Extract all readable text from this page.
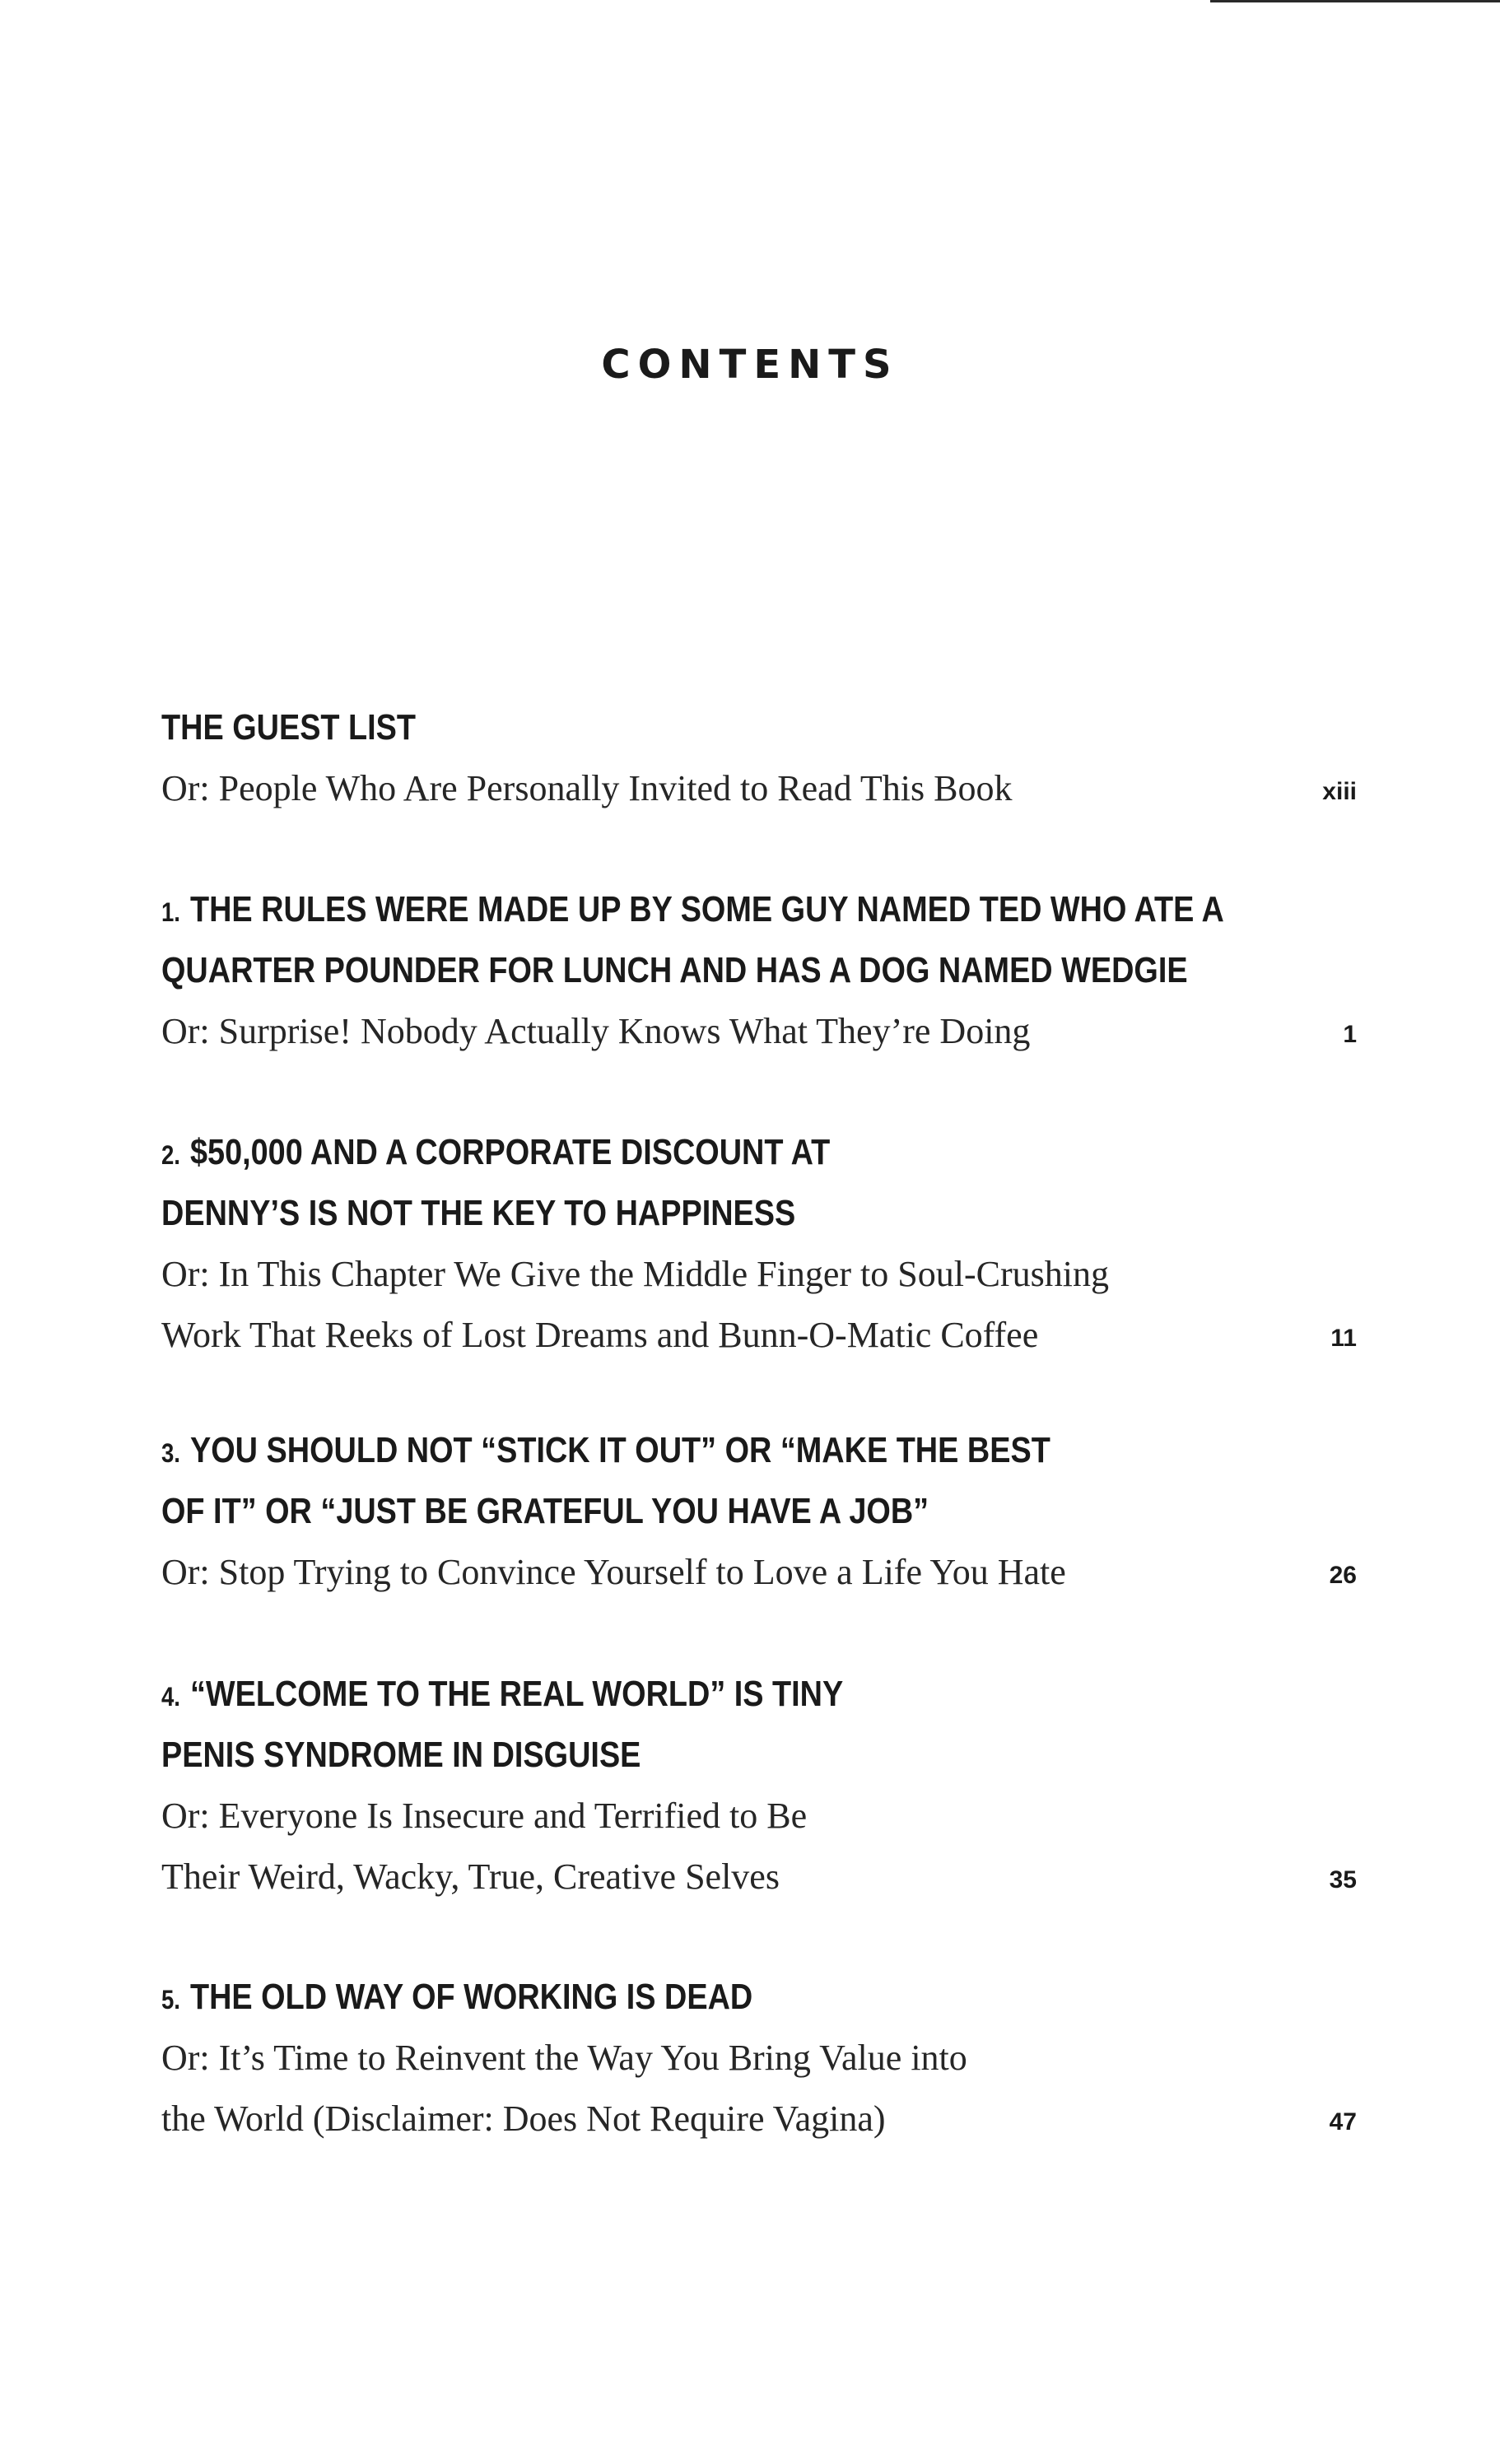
CONTENTS
THE GUEST LIST
Or: People Who Are Personally Invited to Read This Book	xiii
1. THE RULES WERE MADE UP BY SOME GUY NAMED TED WHO ATE A
QUARTER POUNDER FOR LUNCH AND HAS A DOG NAMED WEDGIE
Or: Surprise! Nobody Actually Knows What They’re Doing	1
2. $50,000 AND A CORPORATE DISCOUNT AT
DENNY’S IS NOT THE KEY TO HAPPINESS
Or: In This Chapter We Give the Middle Finger to Soul-Crushing
Work That Reeks of Lost Dreams and Bunn-O-Matic Coffee	11
3. YOU SHOULD NOT “STICK IT OUT” OR “MAKE THE BEST
OF IT” OR “JUST BE GRATEFUL YOU HAVE A JOB”
Or: Stop Trying to Convince Yourself to Love a Life You Hate	26
4. “WELCOME TO THE REAL WORLD” IS TINY
PENIS SYNDROME IN DISGUISE
Or: Everyone Is Insecure and Terrified to Be
Their Weird, Wacky, True, Creative Selves	35
5. THE OLD WAY OF WORKING IS DEAD
Or: It’s Time to Reinvent the Way You Bring Value into
the World (Disclaimer: Does Not Require Vagina)	47
